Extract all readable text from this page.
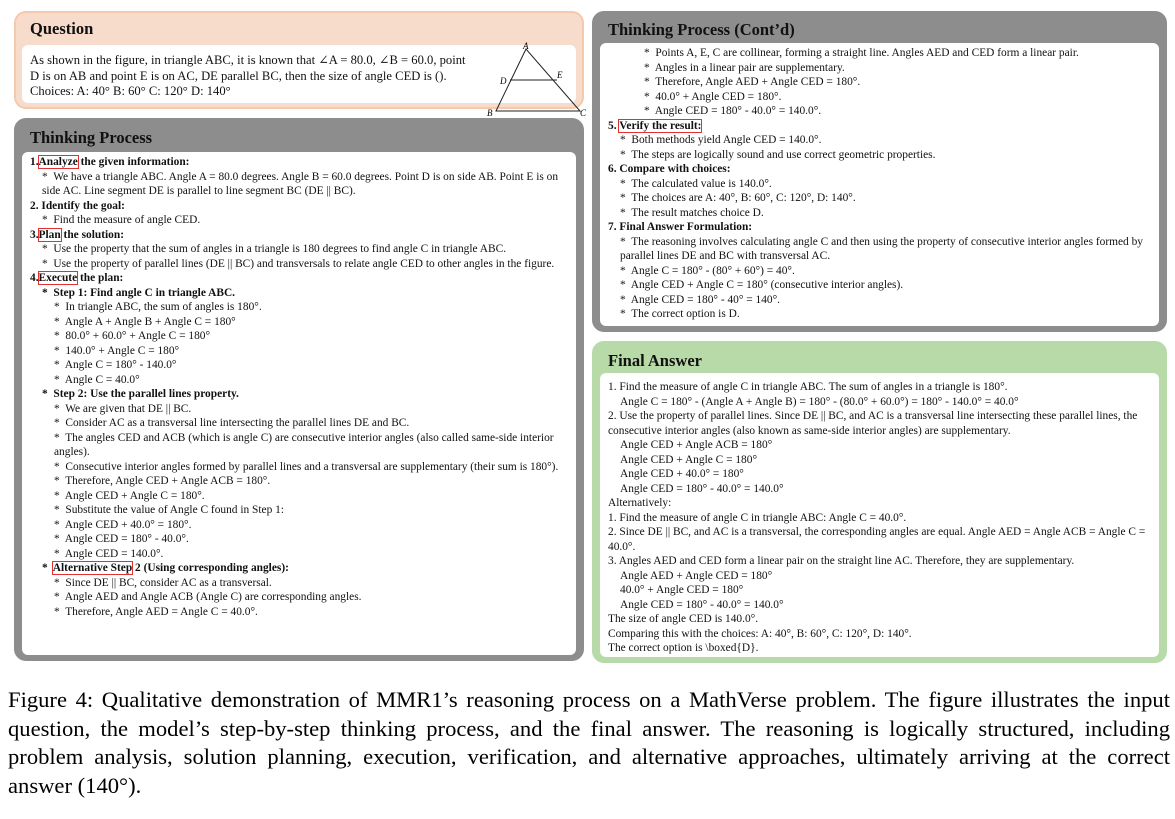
Question
As shown in the figure, in triangle ABC, it is known that ∠A = 80.0, ∠B = 60.0, point D is on AB and point E is on AC, DE parallel BC, then the size of angle CED is (). Choices: A: 40° B: 60° C: 120° D: 140°
A
B	C
D
E
Thinking Process
1.Analyze the given information:
*  We have a triangle ABC. Angle A = 80.0 degrees. Angle B = 60.0 degrees. Point D is on side AB. Point E is on side AC. Line segment DE is parallel to line segment BC (DE || BC).
2. Identify the goal:
*  Find the measure of angle CED.
3.Plan the solution:
*  Use the property that the sum of angles in a triangle is 180 degrees to find angle C in triangle ABC.
*  Use the property of parallel lines (DE || BC) and transversals to relate angle CED to other angles in the figure.
4.Execute the plan:
*  Step 1: Find angle C in triangle ABC.
*  In triangle ABC, the sum of angles is 180°.
*  Angle A + Angle B + Angle C = 180°
*  80.0° + 60.0° + Angle C = 180°
*  140.0° + Angle C = 180°
*  Angle C = 180° - 140.0°
*  Angle C = 40.0°
*  Step 2: Use the parallel lines property.
*  We are given that DE || BC.
*  Consider AC as a transversal line intersecting the parallel lines DE and BC.
*  The angles CED and ACB (which is angle C) are consecutive interior angles (also called same-side interior angles).
*  Consecutive interior angles formed by parallel lines and a transversal are supplementary (their sum is 180°).
*  Therefore, Angle CED + Angle ACB = 180°.
*  Angle CED + Angle C = 180°.
*  Substitute the value of Angle C found in Step 1:
*  Angle CED + 40.0° = 180°.
*  Angle CED = 180° - 40.0°.
*  Angle CED = 140.0°.
*  Alternative Step 2 (Using corresponding angles):
*  Since DE || BC, consider AC as a transversal.
*  Angle AED and Angle ACB (Angle C) are corresponding angles.
*  Therefore, Angle AED = Angle C = 40.0°.
Thinking Process (Cont’d)
*  Points A, E, C are collinear, forming a straight line. Angles AED and CED form a linear pair.
*  Angles in a linear pair are supplementary.
*  Therefore, Angle AED + Angle CED = 180°.
*  40.0° + Angle CED = 180°.
*  Angle CED = 180° - 40.0° = 140.0°.
5. Verify the result:
*  Both methods yield Angle CED = 140.0°.
*  The steps are logically sound and use correct geometric properties.
6. Compare with choices:
*  The calculated value is 140.0°.
*  The choices are A: 40°, B: 60°, C: 120°, D: 140°.
*  The result matches choice D.
7. Final Answer Formulation:
*  The reasoning involves calculating angle C and then using the property of consecutive interior angles formed by parallel lines DE and BC with transversal AC.
*  Angle C = 180° - (80° + 60°) = 40°.
*  Angle CED + Angle C = 180° (consecutive interior angles).
*  Angle CED = 180° - 40° = 140°.
*  The correct option is D.
Final Answer
1. Find the measure of angle C in triangle ABC. The sum of angles in a triangle is 180°.
Angle C = 180° - (Angle A + Angle B) = 180° - (80.0° + 60.0°) = 180° - 140.0° = 40.0°
2. Use the property of parallel lines. Since DE || BC, and AC is a transversal line intersecting these parallel lines, the consecutive interior angles (also known as same-side interior angles) are supplementary.
Angle CED + Angle ACB = 180°
Angle CED + Angle C = 180°
Angle CED + 40.0° = 180°
Angle CED = 180° - 40.0° = 140.0°
Alternatively:
1. Find the measure of angle C in triangle ABC: Angle C = 40.0°.
2. Since DE || BC, and AC is a transversal, the corresponding angles are equal. Angle AED = Angle ACB = Angle C = 40.0°.
3. Angles AED and CED form a linear pair on the straight line AC. Therefore, they are supplementary.
Angle AED + Angle CED = 180°
40.0° + Angle CED = 180°
Angle CED = 180° - 40.0° = 140.0°
The size of angle CED is 140.0°.
Comparing this with the choices: A: 40°, B: 60°, C: 120°, D: 140°.
The correct option is \boxed{D}.
Figure 4: Qualitative demonstration of MMR1’s reasoning process on a MathVerse problem. The figure illustrates the input question, the model’s step-by-step thinking process, and the final answer. The reasoning is logically structured, including problem analysis, solution planning, execution, verification, and alternative approaches, ultimately arriving at the correct answer (140°).
